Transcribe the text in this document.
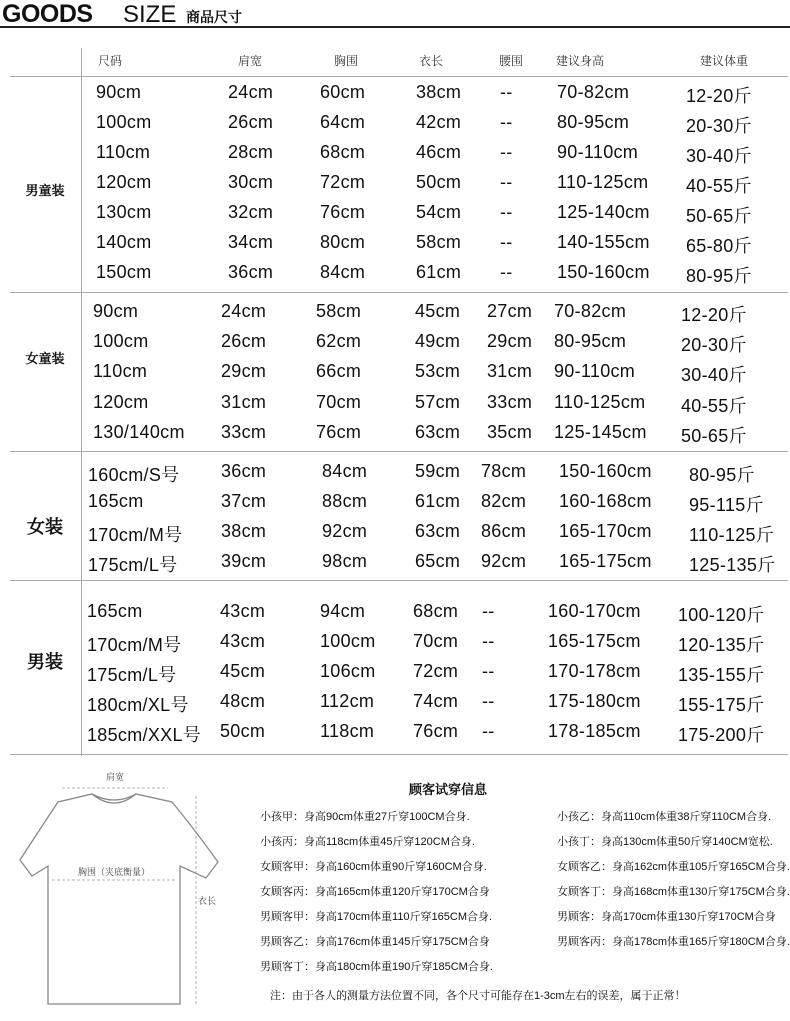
GOODS SIZE 商品尺寸
尺码	肩宽	胸围	衣长	腰围	建议身高	建议体重
男童装
90cm	24cm	60cm	38cm -- 70-82cm	12-20斤
100cm	26cm	64cm	42cm -- 80-95cm	20-30斤
110cm	28cm	68cm	46cm -- 90-110cm	30-40斤
120cm	30cm	72cm	50cm -- 110-125cm 40-55斤
130cm	32cm	76cm	54cm -- 125-140cm 50-65斤
140cm	34cm	80cm	58cm -- 140-155cm 65-80斤
150cm	36cm	84cm	61cm -- 150-160cm 80-95斤
女童装
90cm	24cm	58cm	45cm 27cm 70-82cm	12-20斤
100cm	26cm	62cm	49cm 29cm 80-95cm	20-30斤
110cm	29cm	66cm	53cm 31cm 90-110cm	30-40斤
120cm	31cm	70cm	57cm 33cm 110-125cm 40-55斤
130/140cm 33cm	76cm	63cm 35cm 125-145cm 50-65斤
女装
160cm/S号 36cm	84cm	59cm 78cm 150-160cm 80-95斤
165cm	37cm	88cm	61cm 82cm 160-168cm 95-115斤
170cm/M号 38cm	92cm	63cm 86cm 165-170cm 110-125斤
175cm/L号 39cm	98cm	65cm 92cm 165-175cm 125-135斤
男装
165cm	43cm	94cm	68cm --	160-170cm 100-120斤
170cm/M号 43cm	100cm 70cm --	165-175cm 120-135斤
175cm/L号 45cm	106cm 72cm --	170-178cm 135-155斤
180cm/XL号 48cm	112cm 74cm --	175-180cm 155-175斤
185cm/XXL号 50cm	118cm 76cm --	178-185cm 175-200斤
肩宽
胸围（夹底衡量）
衣长
顾客试穿信息
小孩甲：身高90cm体重27斤穿100CM合身.
小孩丙：身高118cm体重45斤穿120CM合身.
女顾客甲：身高160cm体重90斤穿160CM合身.
女顾客丙：身高165cm体重120斤穿170CM合身
男顾客甲：身高170cm体重110斤穿165CM合身.
男顾客乙：身高176cm体重145斤穿175CM合身
男顾客丁：身高180cm体重190斤穿185CM合身.
小孩乙：身高110cm体重38斤穿110CM合身.
小孩丁：身高130cm体重50斤穿140CM宽松.
女顾客乙：身高162cm体重105斤穿165CM合身.
女顾客丁：身高168cm体重130斤穿175CM合身.
男顾客：身高170cm体重130斤穿170CM合身
男顾客丙：身高178cm体重165斤穿180CM合身.
注：由于各人的测量方法位置不同，各个尺寸可能存在1-3cm左右的误差，属于正常！
